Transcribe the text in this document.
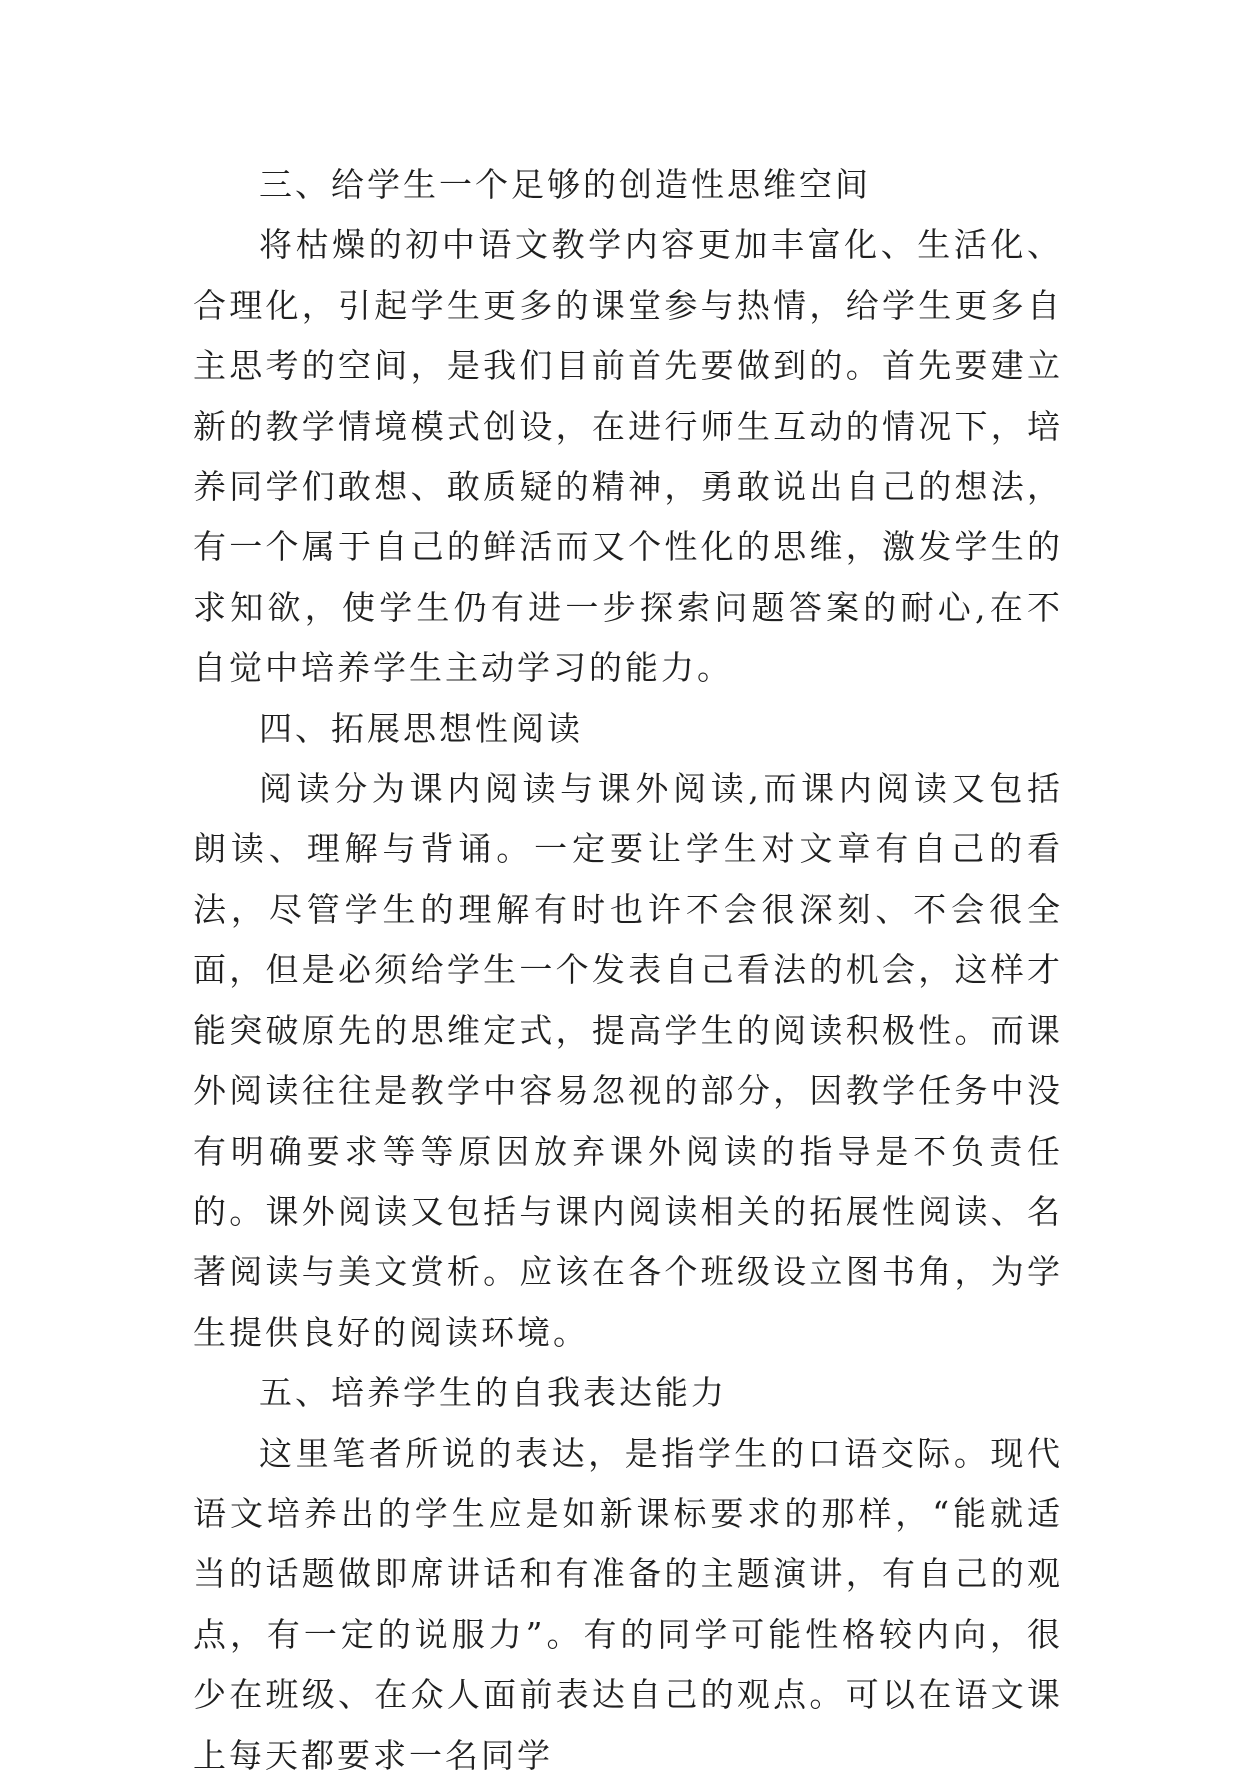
三、给学生一个足够的创造性思维空间

将枯燥的初中语文教学内容更加丰富化、生活化、合理化，引起学生更多的课堂参与热情，给学生更多自主思考的空间，是我们目前首先要做到的。首先要建立新的教学情境模式创设，在进行师生互动的情况下，培养同学们敢想、敢质疑的精神，勇敢说出自己的想法，有一个属于自己的鲜活而又个性化的思维，激发学生的求知欲，使学生仍有进一步探索问题答案的耐心,在不自觉中培养学生主动学习的能力。

四、拓展思想性阅读

阅读分为课内阅读与课外阅读,而课内阅读又包括朗读、理解与背诵。一定要让学生对文章有自己的看法，尽管学生的理解有时也许不会很深刻、不会很全面，但是必须给学生一个发表自己看法的机会，这样才能突破原先的思维定式，提高学生的阅读积极性。而课外阅读往往是教学中容易忽视的部分，因教学任务中没有明确要求等等原因放弃课外阅读的指导是不负责任的。课外阅读又包括与课内阅读相关的拓展性阅读、名著阅读与美文赏析。应该在各个班级设立图书角，为学生提供良好的阅读环境。

五、培养学生的自我表达能力

这里笔者所说的表达，是指学生的口语交际。现代语文培养出的学生应是如新课标要求的那样，“能就适当的话题做即席讲话和有准备的主题演讲，有自己的观点，有一定的说服力”。有的同学可能性格较内向，很少在班级、在众人面前表达自己的观点。可以在语文课上每天都要求一名同学
